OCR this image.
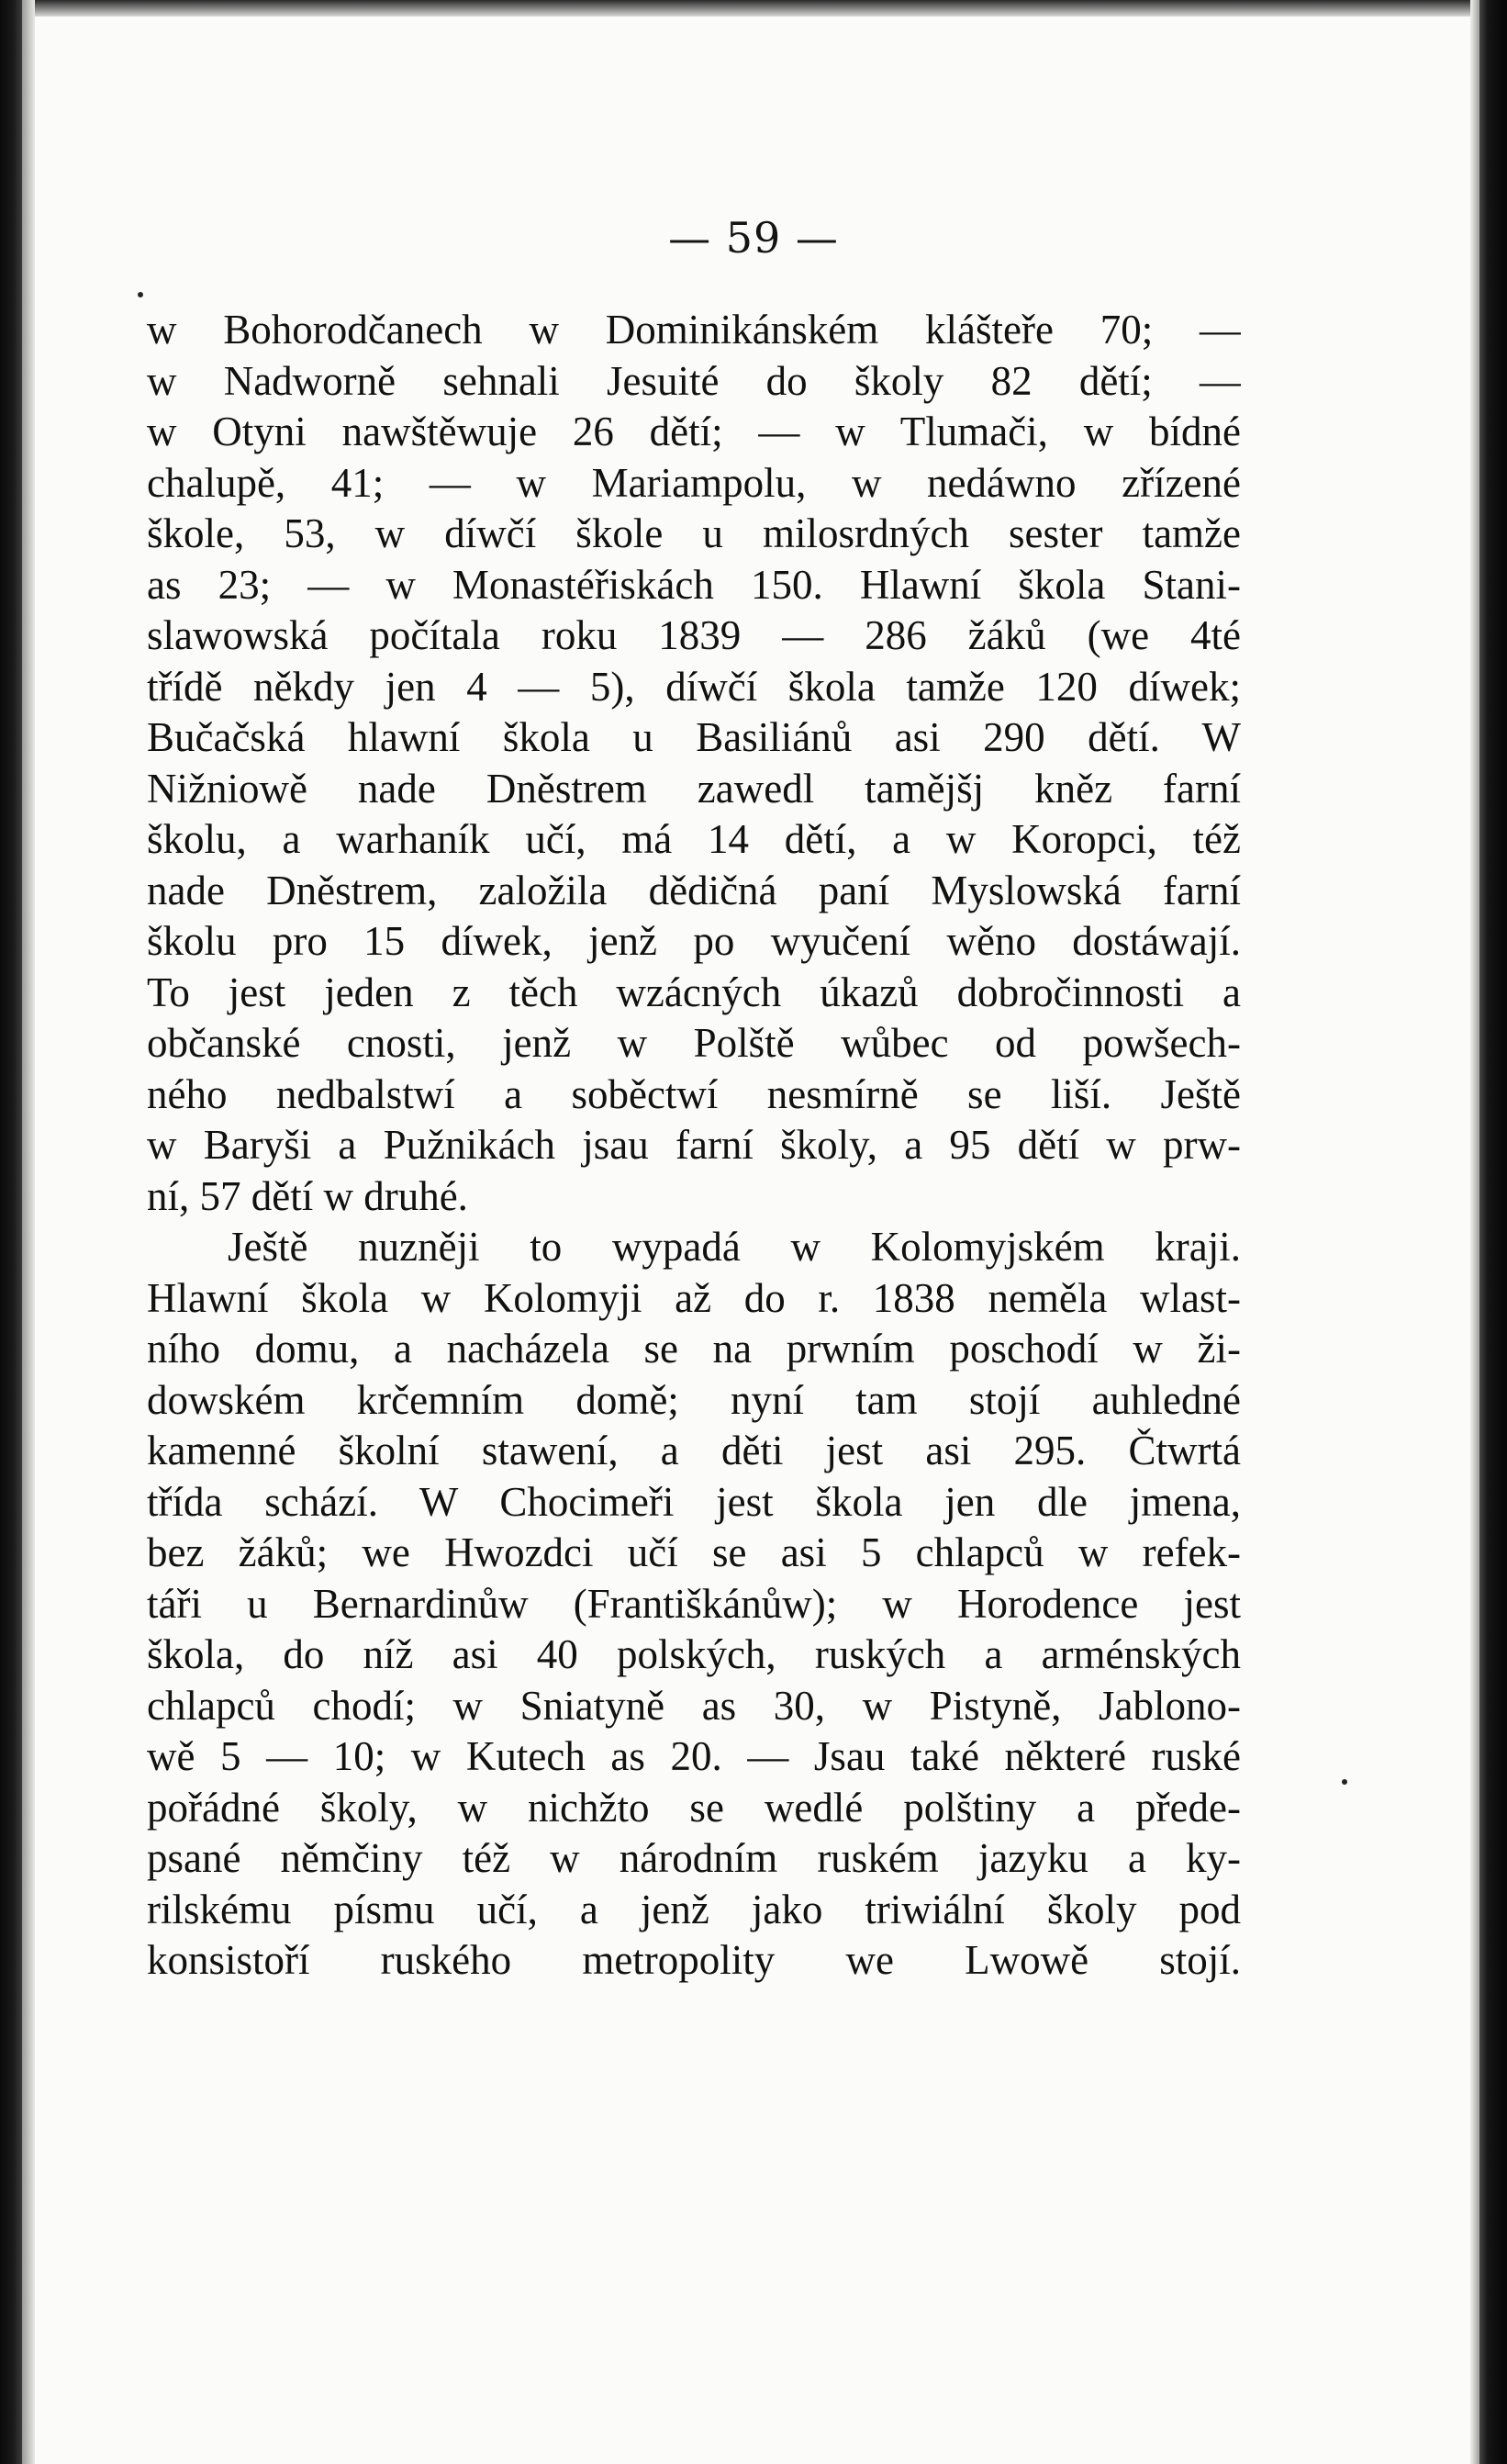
— 59 —
w Bohorodčanech w Dominikánském klášteře 70; —
w Nadworně sehnali Jesuité do školy 82 dětí; —
w Otyni nawštěwuje 26 dětí; — w Tlumači, w bídné
chalupě, 41; — w Mariampolu, w nedáwno zřízené
škole, 53, w díwčí škole u milosrdných sester tamže
as 23; — w Monastéřiskách 150. Hlawní škola Stani-
slawowská počítala roku 1839 — 286 žáků (we 4té
třídě někdy jen 4 — 5), díwčí škola tamže 120 díwek;
Bučačská hlawní škola u Basiliánů asi 290 dětí. W
Nižniowě nade Dněstrem zawedl tamějšj kněz farní
školu, a warhaník učí, má 14 dětí, a w Koropci, též
nade Dněstrem, založila dědičná paní Myslowská farní
školu pro 15 díwek, jenž po wyučení wěno dostáwají.
To jest jeden z těch wzácných úkazů dobročinnosti a
občanské cnosti, jenž w Polště wůbec od powšech-
ného nedbalstwí a soběctwí nesmírně se liší. Ještě
w Baryši a Pužnikách jsau farní školy, a 95 dětí w prw-
ní, 57 dětí w druhé.
Ještě nuzněji to wypadá w Kolomyjském kraji.
Hlawní škola w Kolomyji až do r. 1838 neměla wlast-
ního domu, a nacházela se na prwním poschodí w ži-
dowském krčemním domě; nyní tam stojí auhledné
kamenné školní stawení, a děti jest asi 295. Čtwrtá
třída schází. W Chocimeři jest škola jen dle jmena,
bez žáků; we Hwozdci učí se asi 5 chlapců w refek-
táři u Bernardinůw (Františkánůw); w Horodence jest
škola, do níž asi 40 polských, ruských a arménských
chlapců chodí; w Sniatyně as 30, w Pistyně, Jablono-
wě 5 — 10; w Kutech as 20. — Jsau také některé ruské
pořádné školy, w nichžto se wedlé polštiny a přede-
psané němčiny též w národním ruském jazyku a ky-
rilskému písmu učí, a jenž jako triwiální školy pod
konsistoří ruského metropolity we Lwowě stojí.
